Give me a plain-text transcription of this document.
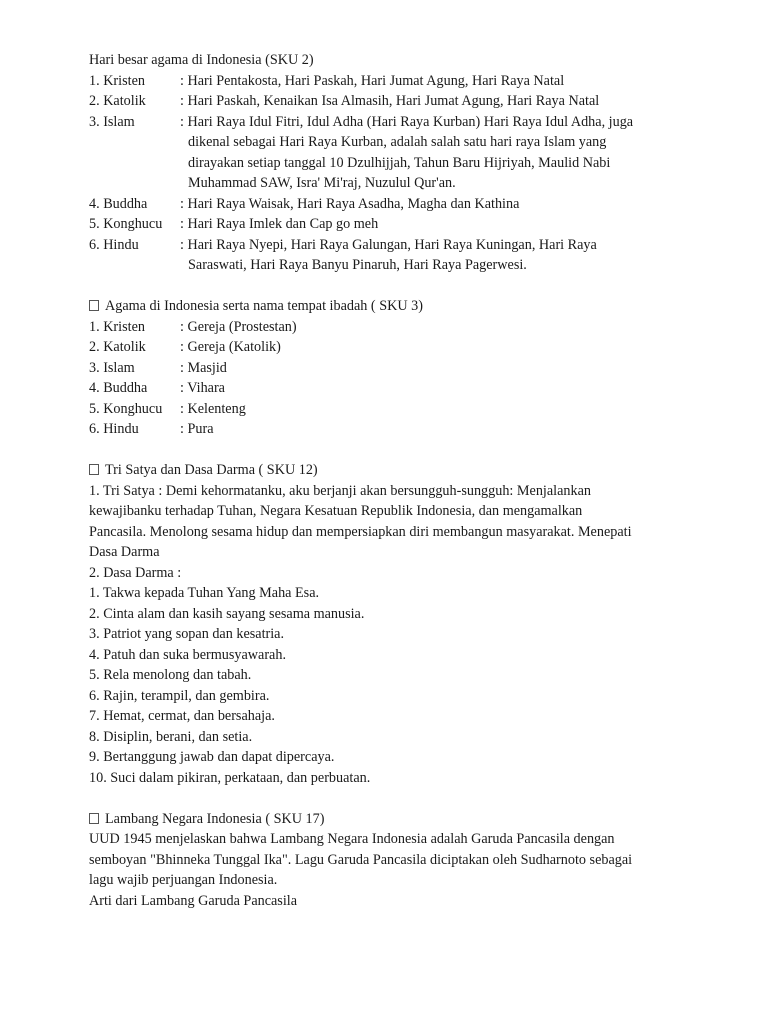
Hari besar agama di Indonesia (SKU 2)
1. Kristen	: Hari Pentakosta, Hari Paskah, Hari Jumat Agung, Hari Raya Natal
2. Katolik	: Hari Paskah, Kenaikan Isa Almasih, Hari Jumat Agung, Hari Raya Natal
3. Islam	: Hari Raya Idul Fitri, Idul Adha (Hari Raya Kurban) Hari Raya Idul Adha, juga
dikenal sebagai Hari Raya Kurban, adalah salah satu hari raya Islam yang
dirayakan setiap tanggal 10 Dzulhijjah, Tahun Baru Hijriyah, Maulid Nabi
Muhammad SAW, Isra' Mi'raj, Nuzulul Qur'an.
4. Buddha	: Hari Raya Waisak, Hari Raya Asadha, Magha dan Kathina
5. Konghucu	: Hari Raya Imlek dan Cap go meh
6. Hindu	: Hari Raya Nyepi, Hari Raya Galungan, Hari Raya Kuningan, Hari Raya
Saraswati, Hari Raya Banyu Pinaruh, Hari Raya Pagerwesi.
Agama di Indonesia serta nama tempat ibadah ( SKU 3)
1. Kristen	: Gereja (Prostestan)
2. Katolik	: Gereja (Katolik)
3. Islam	: Masjid
4. Buddha	: Vihara
5. Konghucu	: Kelenteng
6. Hindu	: Pura
Tri Satya dan Dasa Darma ( SKU 12)
1. Tri Satya : Demi kehormatanku, aku berjanji akan bersungguh-sungguh: Menjalankan
kewajibanku terhadap Tuhan, Negara Kesatuan Republik Indonesia, dan mengamalkan
Pancasila. Menolong sesama hidup dan mempersiapkan diri membangun masyarakat. Menepati
Dasa Darma
2. Dasa Darma :
1. Takwa kepada Tuhan Yang Maha Esa.
2. Cinta alam dan kasih sayang sesama manusia.
3. Patriot yang sopan dan kesatria.
4. Patuh dan suka bermusyawarah.
5. Rela menolong dan tabah.
6. Rajin, terampil, dan gembira.
7. Hemat, cermat, dan bersahaja.
8. Disiplin, berani, dan setia.
9. Bertanggung jawab dan dapat dipercaya.
10. Suci dalam pikiran, perkataan, dan perbuatan.
Lambang Negara Indonesia ( SKU 17)
UUD 1945 menjelaskan bahwa Lambang Negara Indonesia adalah Garuda Pancasila dengan
semboyan "Bhinneka Tunggal Ika". Lagu Garuda Pancasila diciptakan oleh Sudharnoto sebagai
lagu wajib perjuangan Indonesia.
Arti dari Lambang Garuda Pancasila
